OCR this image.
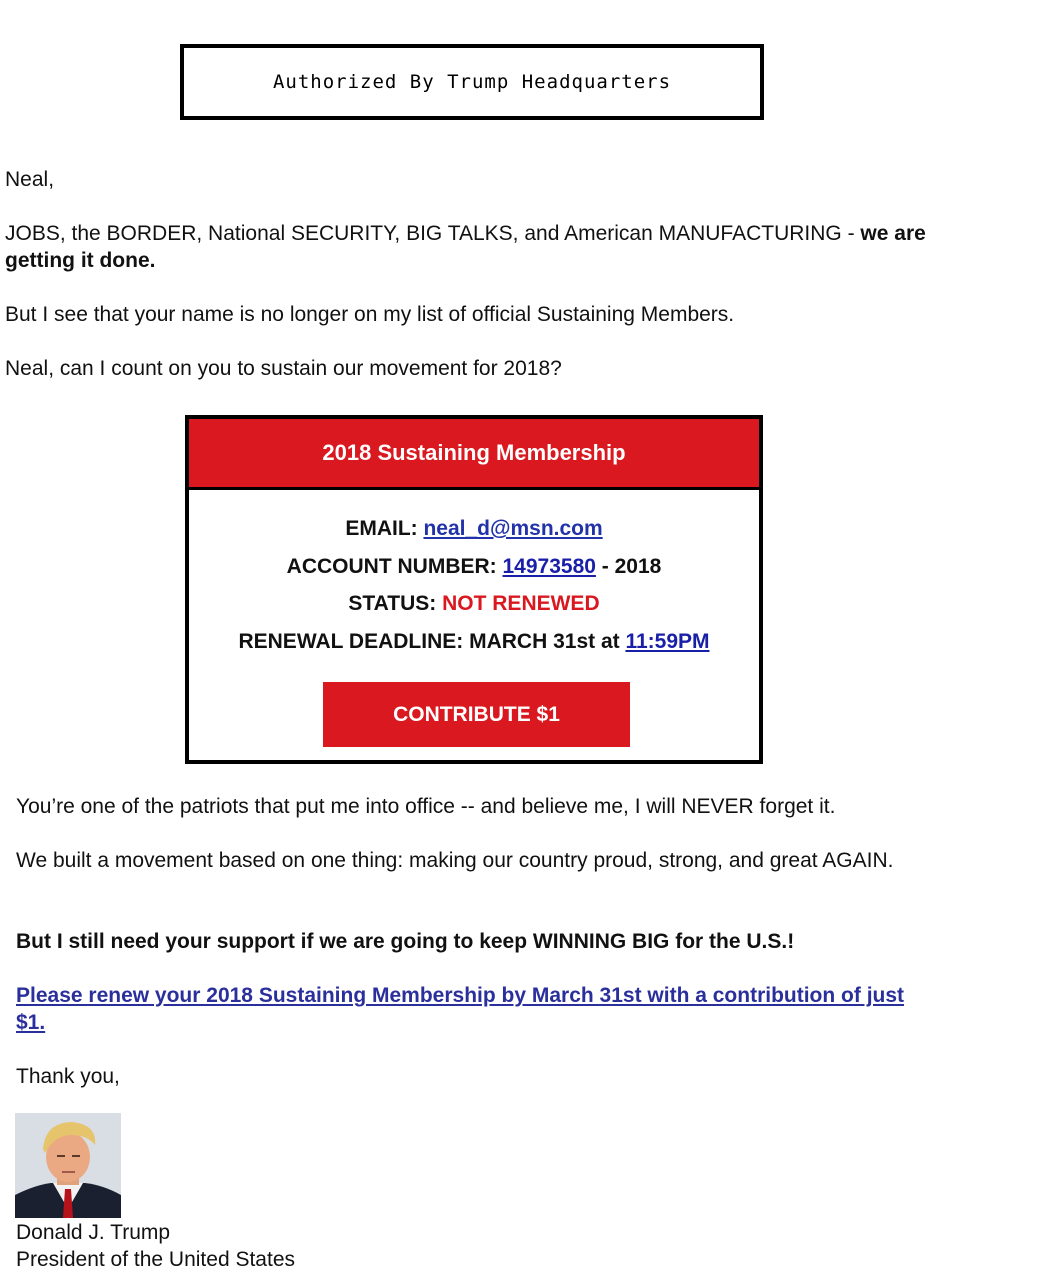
Authorized By Trump Headquarters

Neal,

JOBS, the BORDER, National SECURITY, BIG TALKS, and American MANUFACTURING - we are getting it done.

But I see that your name is no longer on my list of official Sustaining Members.

Neal, can I count on you to sustain our movement for 2018?

2018 Sustaining Membership
EMAIL: neal_d@msn.com
ACCOUNT NUMBER: 14973580 - 2018
STATUS: NOT RENEWED
RENEWAL DEADLINE: MARCH 31st at 11:59PM
CONTRIBUTE $1

You’re one of the patriots that put me into office -- and believe me, I will NEVER forget it.

We built a movement based on one thing: making our country proud, strong, and great AGAIN.

But I still need your support if we are going to keep WINNING BIG for the U.S.!

Please renew your 2018 Sustaining Membership by March 31st with a contribution of just $1.

Thank you,

Donald J. Trump

President of the United States
